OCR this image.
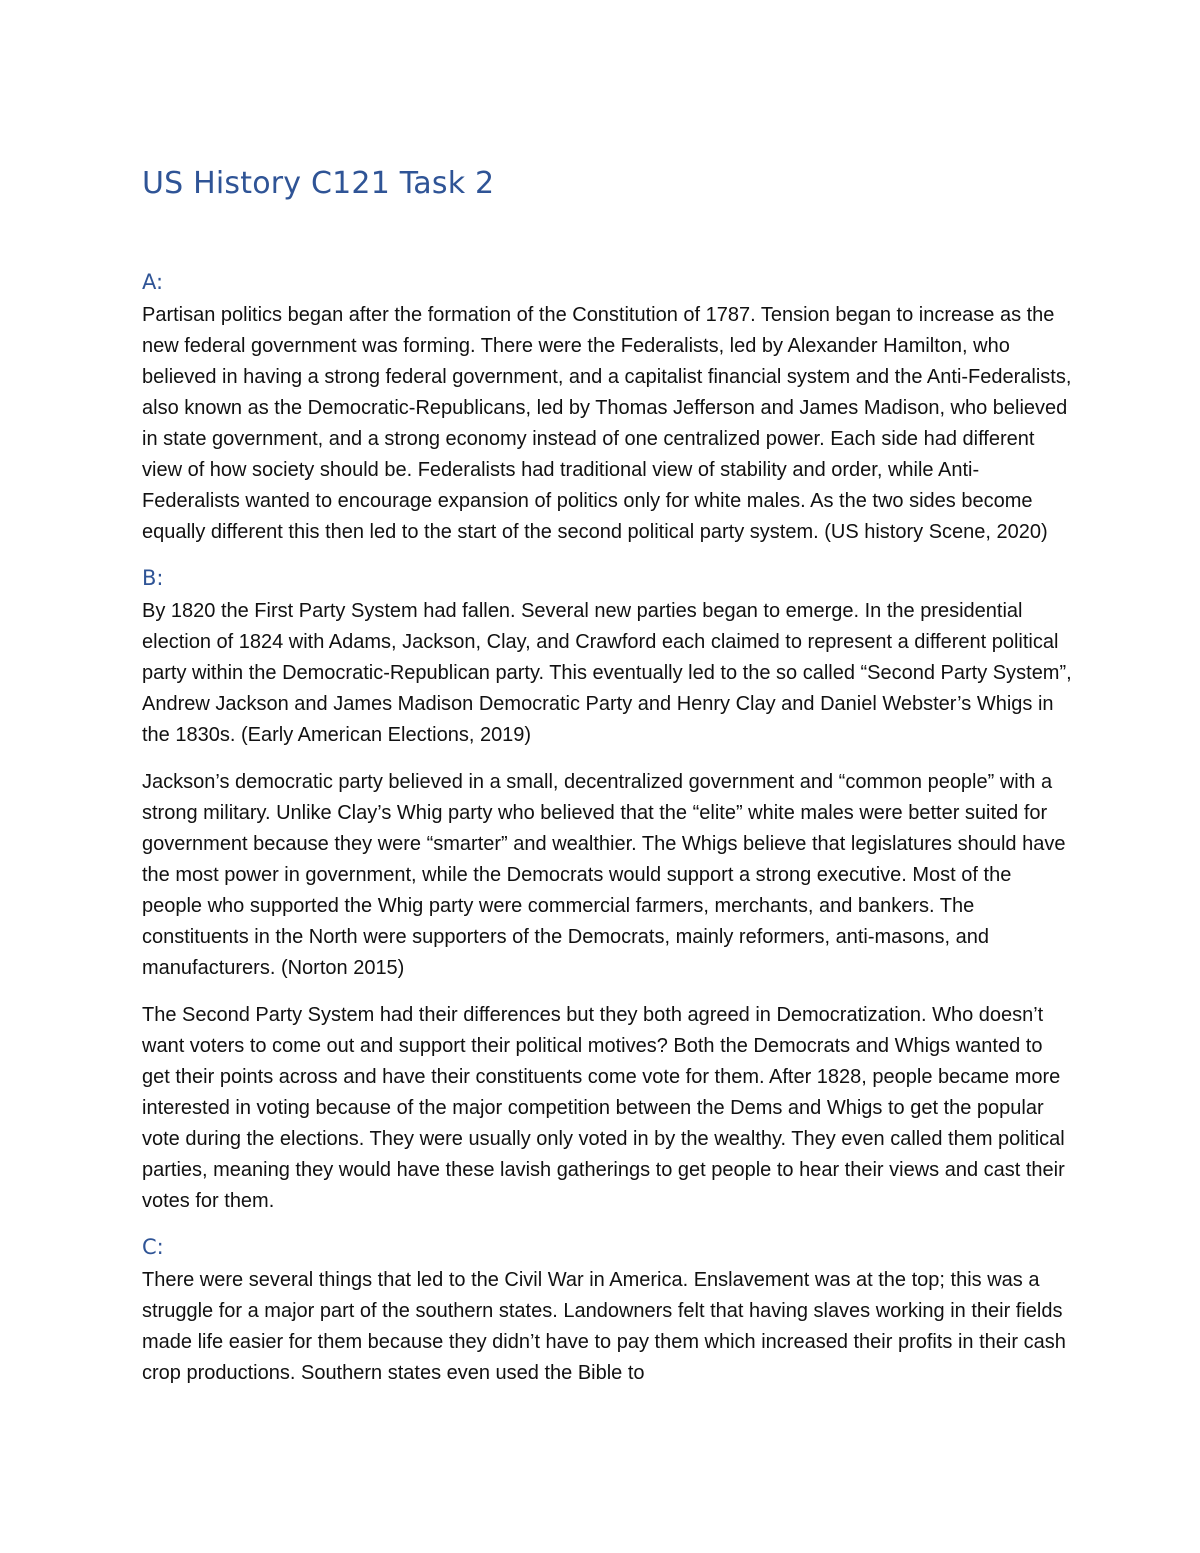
US History C121 Task 2
A:

Partisan politics began after the formation of the Constitution of 1787. Tension began to increase as the new federal government was forming. There were the Federalists, led by Alexander Hamilton, who believed in having a strong federal government, and a capitalist financial system and the Anti-Federalists, also known as the Democratic-Republicans, led by Thomas Jefferson and James Madison, who believed in state government, and a strong economy instead of one centralized power. Each side had different view of how society should be. Federalists had traditional view of stability and order, while Anti-Federalists wanted to encourage expansion of politics only for white males. As the two sides become equally different this then led to the start of the second political party system. (US history Scene, 2020)

B:

By 1820 the First Party System had fallen. Several new parties began to emerge. In the presidential election of 1824 with Adams, Jackson, Clay, and Crawford each claimed to represent a different political party within the Democratic-Republican party. This eventually led to the so called “Second Party System”, Andrew Jackson and James Madison Democratic Party and Henry Clay and Daniel Webster’s Whigs in the 1830s. (Early American Elections, 2019)

Jackson’s democratic party believed in a small, decentralized government and “common people” with a strong military. Unlike Clay’s Whig party who believed that the “elite” white males were better suited for government because they were “smarter” and wealthier. The Whigs believe that legislatures should have the most power in government, while the Democrats would support a strong executive. Most of the people who supported the Whig party were commercial farmers, merchants, and bankers. The constituents in the North were supporters of the Democrats, mainly reformers, anti-masons, and manufacturers. (Norton 2015)

The Second Party System had their differences but they both agreed in Democratization. Who doesn’t want voters to come out and support their political motives? Both the Democrats and Whigs wanted to get their points across and have their constituents come vote for them. After 1828, people became more interested in voting because of the major competition between the Dems and Whigs to get the popular vote during the elections. They were usually only voted in by the wealthy. They even called them political parties, meaning they would have these lavish gatherings to get people to hear their views and cast their votes for them.

C:

There were several things that led to the Civil War in America. Enslavement was at the top; this was a struggle for a major part of the southern states. Landowners felt that having slaves working in their fields made life easier for them because they didn’t have to pay them which increased their profits in their cash crop productions. Southern states even used the Bible to
